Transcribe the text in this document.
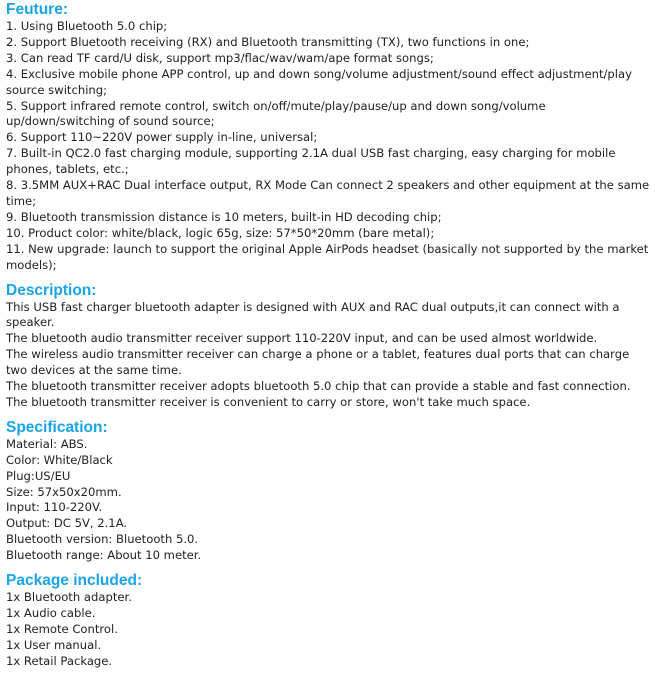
Feuture:

1. Using Bluetooth 5.0 chip;

2. Support Bluetooth receiving (RX) and Bluetooth transmitting (TX), two functions in one;

3. Can read TF card/U disk, support mp3/flac/wav/wam/ape format songs;

4. Exclusive mobile phone APP control, up and down song/volume adjustment/sound effect adjustment/play source switching;

5. Support infrared remote control, switch on/off/mute/play/pause/up and down song/volume up/down/switching of sound source;

6. Support 110~220V power supply in-line, universal;

7. Built-in QC2.0 fast charging module, supporting 2.1A dual USB fast charging, easy charging for mobile phones, tablets, etc.;

8. 3.5MM AUX+RAC Dual interface output, RX Mode Can connect 2 speakers and other equipment at the same time;

9. Bluetooth transmission distance is 10 meters, built-in HD decoding chip;

10. Product color: white/black, logic 65g, size: 57*50*20mm (bare metal);

11. New upgrade: launch to support the original Apple AirPods headset (basically not supported by the market models);

Description:

This USB fast charger bluetooth adapter is designed with AUX and RAC dual outputs,it can connect with a speaker.

The bluetooth audio transmitter receiver support 110-220V input, and can be used almost worldwide.

The wireless audio transmitter receiver can charge a phone or a tablet, features dual ports that can charge two devices at the same time.

The bluetooth transmitter receiver adopts bluetooth 5.0 chip that can provide a stable and fast connection.

The bluetooth transmitter receiver is convenient to carry or store, won't take much space.

Specification:

Material: ABS.

Color: White/Black

Plug:US/EU

Size: 57x50x20mm.

Input: 110-220V.

Output: DC 5V, 2.1A.

Bluetooth version: Bluetooth 5.0.

Bluetooth range: About 10 meter.

Package included:

1x Bluetooth adapter.

1x Audio cable.

1x Remote Control.

1x User manual.

1x Retail Package.
